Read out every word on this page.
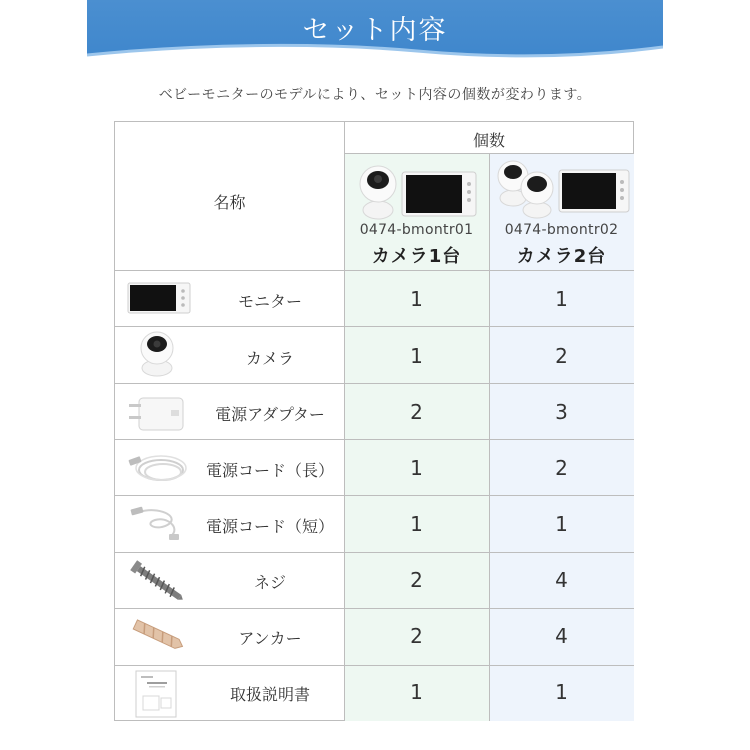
セット内容
ベビーモニターのモデルにより、セット内容の個数が変わります。
個数
名称
0474-bmontr01
カメラ1台
0474-bmontr02
カメラ2台
モニター	1	1
カメラ	1	2
電源アダプター	2	3
電源コード（長）	1	2
電源コード（短）	1	1
ネジ	2	4
アンカー	2	4
取扱説明書	1	1
